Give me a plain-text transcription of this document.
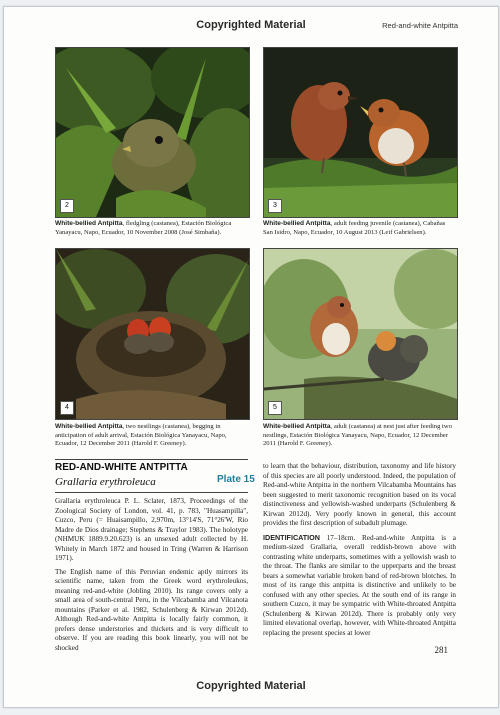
Copyrighted Material	Red-and-white Antpitta
2
White-bellied Antpitta, fledgling (castanea), Estación Biológica Yanayacu, Napo, Ecuador, 10 November 2008 (José Simbaña).
3
White-bellied Antpitta, adult feeding juvenile (castanea), Cabañas San Isidro, Napo, Ecuador, 10 August 2013 (Leif Gabrielsen).
4
White-bellied Antpitta, two nestlings (castanea), begging in anticipation of adult arrival, Estación Biológica Yanayacu, Napo, Ecuador, 12 December 2011 (Harold F. Greeney).
5
White-bellied Antpitta, adult (castanea) at nest just after feeding two nestlings, Estación Biológica Yanayacu, Napo, Ecuador, 12 December 2011 (Harold F. Greeney).
RED-AND-WHITE ANTPITTA
Grallaria erythroleuca	Plate 15

Grallaria erythroleuca P. L. Sclater, 1873, Proceedings of the Zoological Society of London, vol. 41, p. 783, "Huasampilla", Cuzco, Peru (= Huaisampillo, 2,970m, 13°14'S, 71°26'W, Rio Madre de Dios drainage; Stephens & Traylor 1983). The holotype (NHMUK 1889.9.20.623) is an unsexed adult collected by H. Whitely in March 1872 and housed in Tring (Warren & Harrison 1971).

The English name of this Peruvian endemic aptly mirrors its scientific name, taken from the Greek word erythroleukos, meaning red-and-white (Jobling 2010). Its range covers only a small area of south-central Peru, in the Vilcabamba and Vilcanota mountains (Parker et al. 1982, Schulenberg & Kirwan 2012d). Although Red-and-white Antpitta is locally fairly common, it prefers dense understories and thickets and is very difficult to observe. If you are reading this book linearly, you will not be shocked

to learn that the behaviour, distribution, taxonomy and life history of this species are all poorly understood. Indeed, the population of Red-and-white Antpitta in the northern Vilcabamba Mountains has been suggested to merit taxonomic recognition based on its vocal distinctiveness and yellowish-washed underparts (Schulenberg & Kirwan 2012d). Very poorly known in general, this account provides the first description of subadult plumage.

IDENTIFICATION 17–18cm. Red-and-white Antpitta is a medium-sized Grallaria, overall reddish-brown above with contrasting white underparts, sometimes with a yellowish wash to the throat. The flanks are similar to the upperparts and the breast bears a somewhat variable broken band of red-brown blotches. In most of its range this antpitta is distinctive and unlikely to be confused with any other species. At the south end of its range in southern Cuzco, it may be sympatric with White-throated Antpitta (Schulenberg & Kirwan 2012d). There is probably only very limited elevational overlap, however, with White-throated Antpitta replacing the present species at lower

281
Copyrighted Material
